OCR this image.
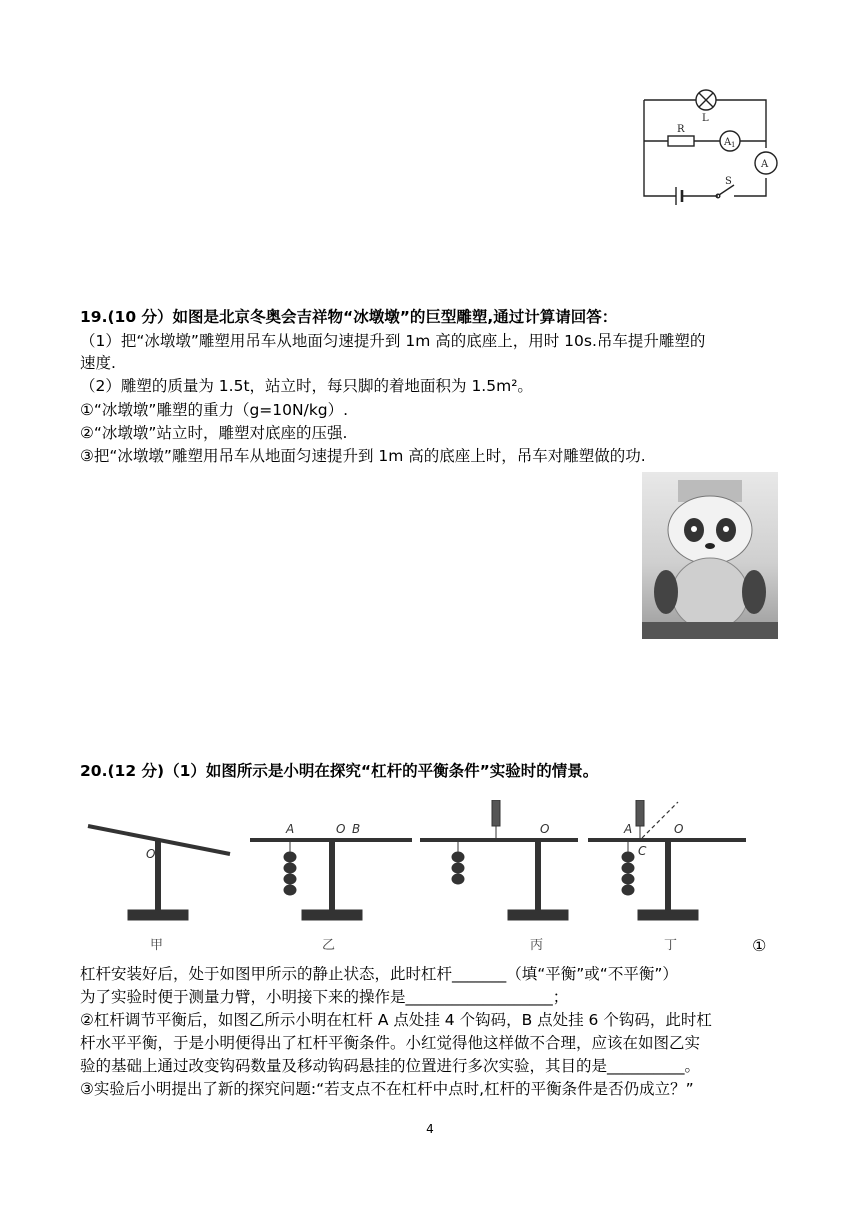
L
R
A 1
A
S
19.(10 分）如图是北京冬奥会吉祥物“冰墩墩”的巨型雕塑,通过计算请回答：
（1）把“冰墩墩”雕塑用吊车从地面匀速提升到 1m 高的底座上，用时 10s.吊车提升雕塑的
速度.
（2）雕塑的质量为 1.5t，站立时，每只脚的着地面积为 1.5m²。
①“冰墩墩”雕塑的重力（g=10N/kg）.
②“冰墩墩”站立时，雕塑对底座的压强.
③把“冰墩墩”雕塑用吊车从地面匀速提升到 1m 高的底座上时，吊车对雕塑做的功.
20.(12 分)（1）如图所示是小明在探究“杠杆的平衡条件”实验时的情景。
O
A	O B	O	A	O
C
甲	乙	丙	丁	①
杠杆安装好后，处于如图甲所示的静止状态，此时杠杆_______（填“平衡”或“不平衡”）
为了实验时便于测量力臂，小明接下来的操作是___________________；
②杠杆调节平衡后，如图乙所示小明在杠杆 A 点处挂 4 个钩码，B 点处挂 6 个钩码，此时杠
杆水平平衡，于是小明便得出了杠杆平衡条件。小红觉得他这样做不合理，应该在如图乙实
验的基础上通过改变钩码数量及移动钩码悬挂的位置进行多次实验，其目的是__________。
③实验后小明提出了新的探究问题:“若支点不在杠杆中点时,杠杆的平衡条件是否仍成立？”
4
